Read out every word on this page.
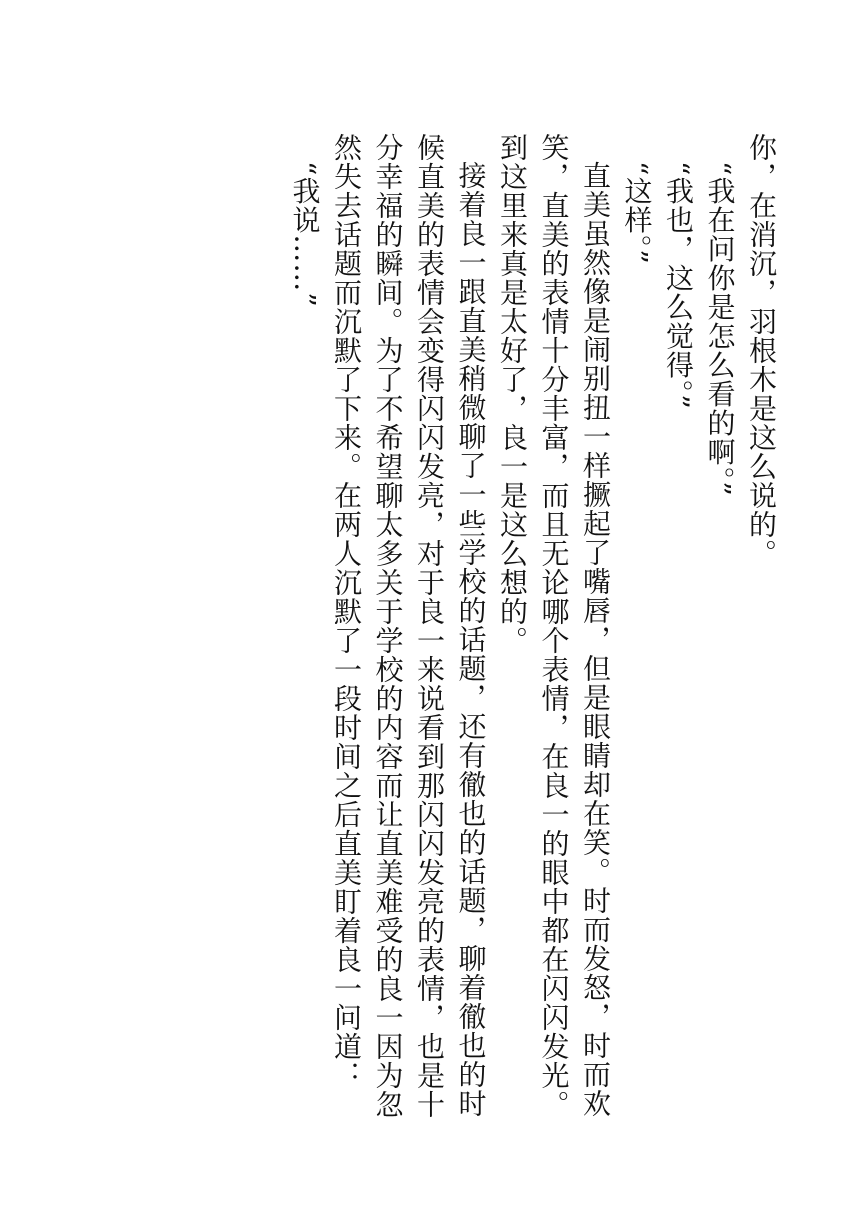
你，在消沉，羽根木是这么说的。

“我在问你是怎么看的啊。”

“我也，这么觉得。”

“这样。”

直美虽然像是闹别扭一样撅起了嘴唇，但是眼睛却在笑。时而发怒，时而欢笑，直美的表情十分丰富，而且无论哪个表情，在良一的眼中都在闪闪发光。到这里来真是太好了，良一是这么想的。

接着良一跟直美稍微聊了一些学校的话题，还有徹也的话题，聊着徹也的时候直美的表情会变得闪闪发亮，对于良一来说看到那闪闪发亮的表情，也是十分幸福的瞬间。为了不希望聊太多关于学校的内容而让直美难受的良一因为忽然失去话题而沉默了下来。在两人沉默了一段时间之后直美盯着良一问道：

“我说……”
